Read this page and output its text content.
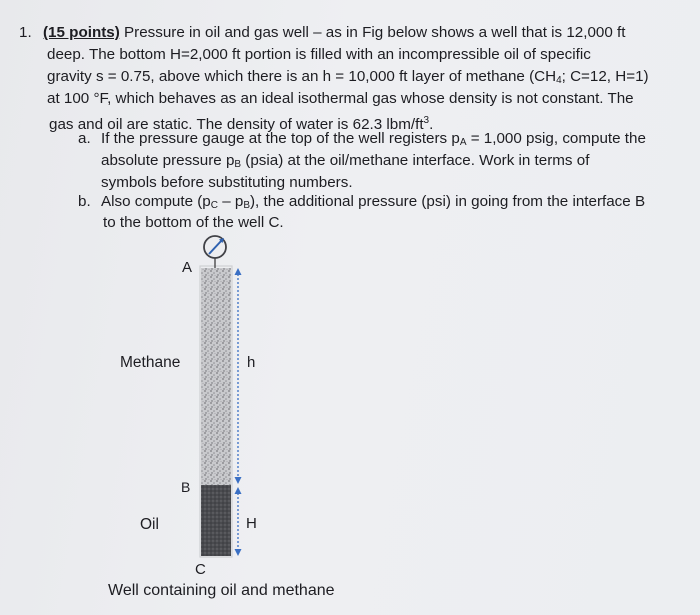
1. (15 points) Pressure in oil and gas well – as in Fig below shows a well that is 12,000 ft
deep. The bottom H=2,000 ft portion is filled with an incompressible oil of specific
gravity s = 0.75, above which there is an h = 10,000 ft layer of methane ($CH_4$; C=12, H=1)
at 100 °F, which behaves as an ideal isothermal gas whose density is not constant. The
gas and oil are static. The density of water is 62.3 lbm/$ft^3$.
a. If the pressure gauge at the top of the well registers $p_A = 1,000$ psig, compute the
absolute pressure $p_B$ (psia) at the oil/methane interface. Work in terms of
symbols before substituting numbers.
b. Also compute $(p_C - p_B)$, the additional pressure (psi) in going from the interface B
to the bottom of the well C.
A
Methane	h
B
Oil	H
C
Well containing oil and methane
